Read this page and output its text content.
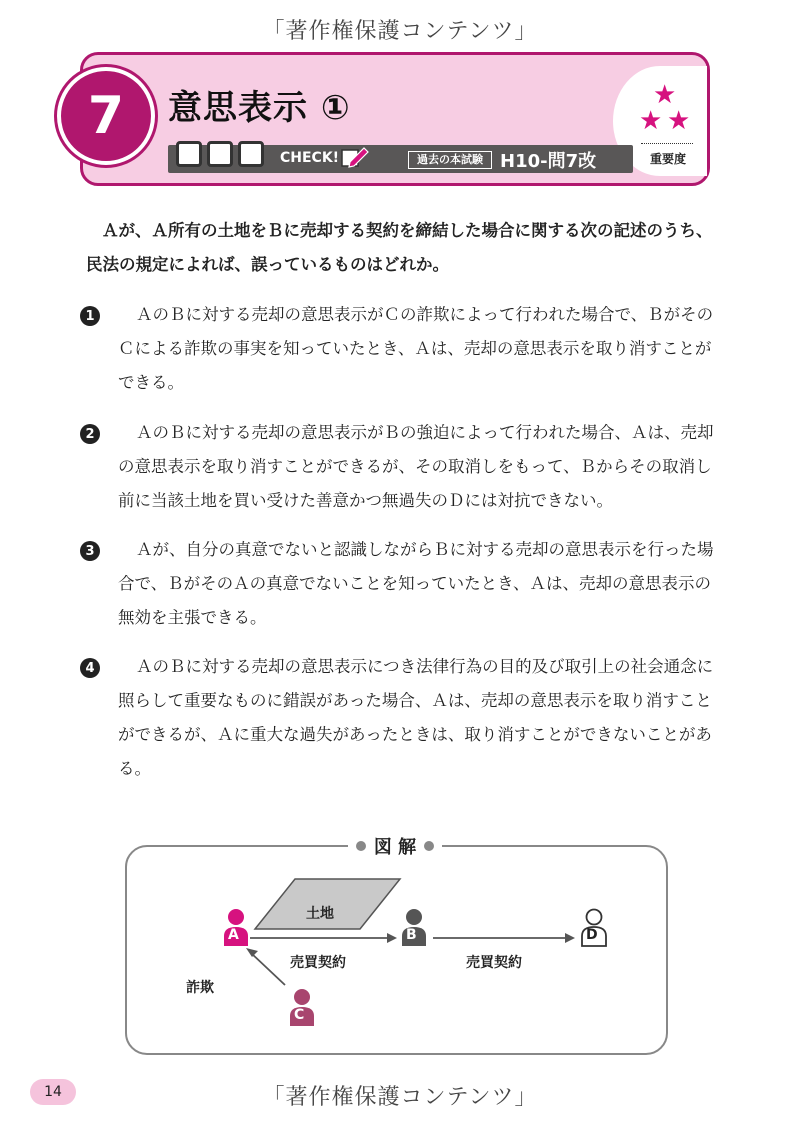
「著作権保護コンテンツ」
★
★ ★
重要度
7	意思表示 ①
CHECK!	過去の本試験 H10-問7改
Ａが、Ａ所有の土地をＢに売却する契約を締結した場合に関する次の記述のうち、民法の規定によれば、誤っているものはどれか。
1	ＡのＢに対する売却の意思表示がＣの詐欺によって行われた場合で、ＢがそのＣによる詐欺の事実を知っていたとき、Ａは、売却の意思表示を取り消すことができる。
2	ＡのＢに対する売却の意思表示がＢの強迫によって行われた場合、Ａは、売却の意思表示を取り消すことができるが、その取消しをもって、Ｂからその取消し前に当該土地を買い受けた善意かつ無過失のＤには対抗できない。
3	Ａが、自分の真意でないと認識しながらＢに対する売却の意思表示を行った場合で、ＢがそのＡの真意でないことを知っていたとき、Ａは、売却の意思表示の無効を主張できる。
4	ＡのＢに対する売却の意思表示につき法律行為の目的及び取引上の社会通念に照らして重要なものに錯誤があった場合、Ａは、売却の意思表示を取り消すことができるが、Ａに重大な過失があったときは、取り消すことができないことがある。
図 解
土地
A	B	D
C
売買契約	売買契約
詐欺
14	「著作権保護コンテンツ」
